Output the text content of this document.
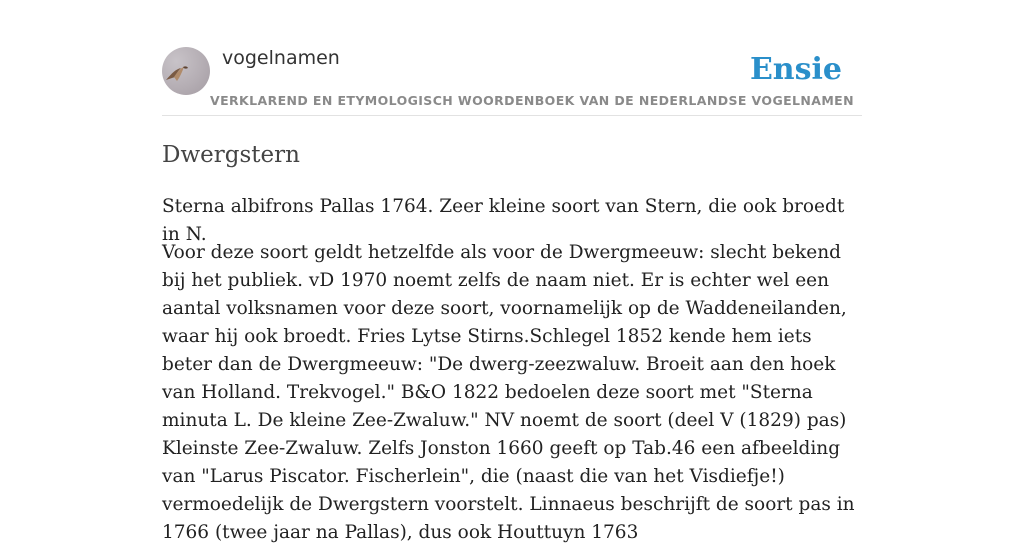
vogelnamen	Ensie
VERKLAREND EN ETYMOLOGISCH WOORDENBOEK VAN DE NEDERLANDSE VOGELNAMEN
Dwergstern

Sterna albifrons Pallas 1764. Zeer kleine soort van Stern, die ook broedt in N.

Voor deze soort geldt hetzelfde als voor de Dwergmeeuw: slecht bekend bij het publiek. vD 1970 noemt zelfs de naam niet. Er is echter wel een aantal volksnamen voor deze soort, voornamelijk op de Waddeneilanden, waar hij ook broedt. Fries Lytse Stirns.Schlegel 1852 kende hem iets beter dan de Dwergmeeuw: "De dwerg-zeezwaluw. Broeit aan den hoek van Holland. Trekvogel." B&O 1822 bedoelen deze soort met "Sterna minuta L. De kleine Zee-Zwaluw." NV noemt de soort (deel V (1829) pas) Kleinste Zee-Zwaluw. Zelfs Jonston 1660 geeft op Tab.46 een afbeelding van "Larus Piscator. Fischerlein", die (naast die van het Visdiefje!) vermoedelijk de Dwergstern voorstelt. Linnaeus beschrijft de soort pas in 1766 (twee jaar na Pallas), dus ook Houttuyn 1763
